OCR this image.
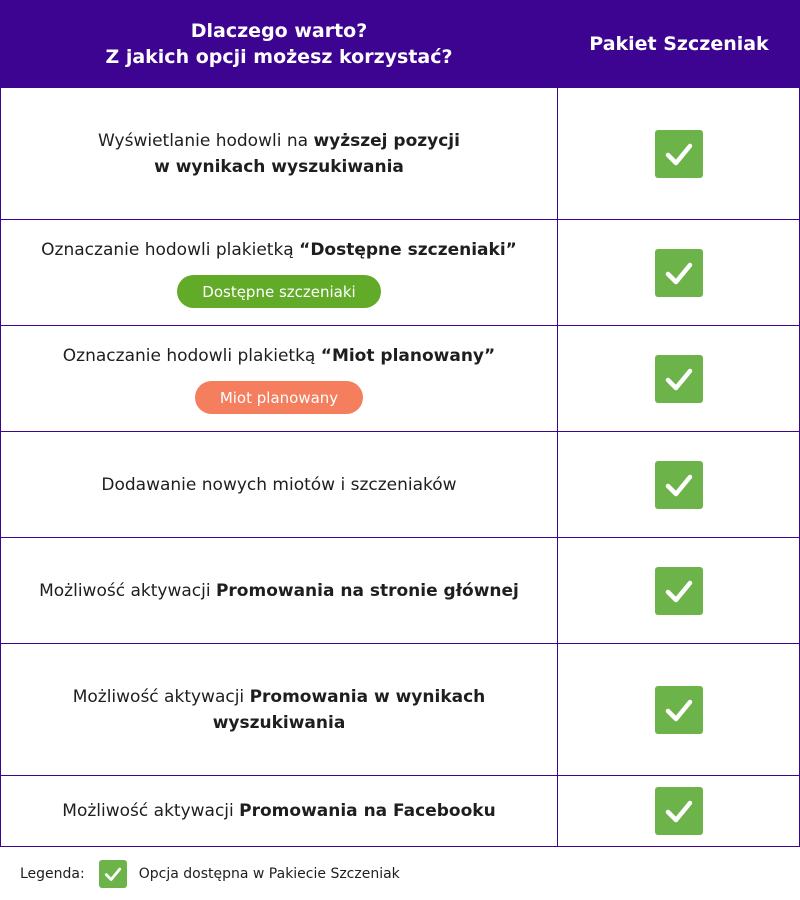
Dlaczego warto?
Z jakich opcji możesz korzystać?
Pakiet Szczeniak
Wyświetlanie hodowli na wyższej pozycji
w wynikach wyszukiwania
Oznaczanie hodowli plakietką “Dostępne szczeniaki”
Dostępne szczeniaki
Oznaczanie hodowli plakietką “Miot planowany”
Miot planowany
Dodawanie nowych miotów i szczeniaków
Możliwość aktywacji Promowania na stronie głównej
Możliwość aktywacji Promowania w wynikach
wyszukiwania
Możliwość aktywacji Promowania na Facebooku
Legenda:	Opcja dostępna w Pakiecie Szczeniak
